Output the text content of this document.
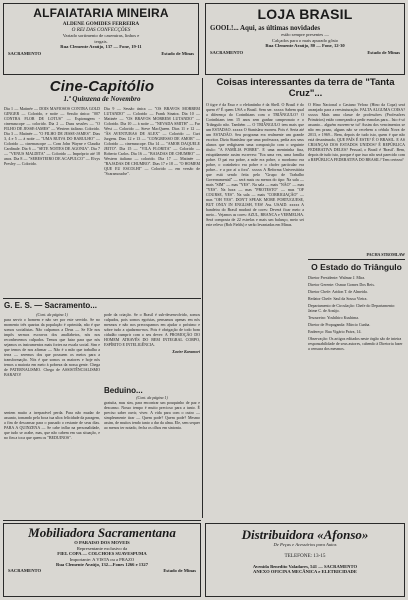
ALFAIATARIA MINEIRA
ALDENE GOMIDES FERREIRA
O REI DAS CONFECÇÕES
Variado sortimento de casemiras, linhos e
tergais.
Rua Clemente Araújo, 137 — Fone, 19-11
SACRAMENTO	Estado de Minas
LOJA BRASIL
GOOL!... Aqui, as últimas novidades
estão sempre presentes —
Calçados para o mais apurado gôsto
Rua Clemente Araújo, 80 — Fone, 12-30
SACRAMENTO	Estado de Minas
Cine-Capitólio
1.ª Quinzena de Novembro
Dia 1 — Matinée — DOIS MAFIOSOS CONTRA GOLD GINGER — Colorido, e noite — Sessão única: "007 CONTRA FLOR DE LOTUS" — Espionagem - cinemascope — colorido. Dia 2 — Duas sessões — "O FILHO DE JESSE-JAMES" — Western italiano. Colorido. Dia 3 — Matinée — "O FILHO DE JESSE-JAMES". Dias 3, 4 e 5 — à noite — "UMA RUIVA DO BARULHO" — Colorido — cinemascope — Com John Wayne e Claudia Cardinale. Dia 6 — "SETE NOITES DE AGONIA". Dia 7 — "VENUS MALDITA" — Colorido — Impróprio até 18 anos. Dia 8 — "SERESTEIRO DE ACAPULCO" — Elvys Presley — Colorido.
Dia 9 — Sessão única — "OS BRAVOS MORREM LUTANDO" — Colorido — Frank Sinatra. Dia 10 — Matinée — "OS BRAVOS MORREM LUTANDO" — Colorido. Dia 10 — à noite — "NEVADA SMITH" — Far West — Colorido — Steve MacQueen. Dias 11 e 12 — "ÀS AVENTURAS DE ALEX" — Colorido — Curt Jurgens. Dias 12 e 13 — "CONGRESSO DE AMOR" — Colorido — cinemascope. Dia 14 — "AMOR DAQUELE JEITO". Dia 15 — "VILA FLORITA" — Colorido — Roberto Carlos. Dia 16 — "BAIADAS DE CHUMBO" — Western italiano — colorido. Dia 17 — Matinée — "RAJADAS DE CHUMBO". Dias 17 e 18 — "O HOMEM QUE EU ESCOLHI" — Colorido — em versão de "Scaramouche".
G. E. S. — Sacramento...
(Cont. da página 1)
para servir o homem e não ser por este servido. Se no momento três quartas da população é oprimida, não é que somos socialistas. Não culpamos a Deus — Se Ele nos impôs sermos escravos dos analfabetos, nós nos reconhecemos culpados. Temos que lutar para que nós sejamos os instrumentos mais fortes na escala social. Sim e que temos de nos afirmar — Não é a mão que trabalha a terra — seremos dos que possuem os meios para a transformação. Nós é que somos os maiores e hoje nós temos a maioria em meio à pobreza da nossa gente. Chega de PATERNALISMO. Chega de ASSISTÊNCIALISMO BARATO!
pode da criação. Se o Brasil é sub-desenvolvido, somos culpados, pois somos egoístas, pensamos apenas em nós mesmos e não nos preocupamos em ajudar o próximo e sobre tudo a ajudarmo-nos. Pois é obrigação de todo bom cidadão cumprir com o seu dever: A PROMOÇÃO DO HOMEM ATRAVÉS DO BEM INTEGRAL CORPO, ESPÍRITO E INTELIGÊNCIA.
Xavier Karamori
Beduino...
(Cont. da página 1)
gratuita, mas sim, para encontrar um pouquinho de paz e descanso. Nosso tempo é muito precioso para a tanto. É preciso saber ouvir, viver. A vida para com o outro — simplesmente tirar — Quem pode? Quem pode? Mesmo assim, de muitos tendo tanto a dar da alma. Ele, sem sequer ao menos ter notado, fecha os olhos em sintonia.
sentem muito a irreparável perda. Para não mudar de assunto, tomando pela boca tua ultra felicidade da paragem, a fim de descansar para o passado o restante de seus dias. PARA A QUINZENA — Se cabe inflar na personalidade, que tudo se acabe, mas, que não cabem em sua situação, e no fim a toca que quem os "BEDUINOS".
Coisas interessantes da terra de "Tanta Cruz"...
O tigre é da Esso e o elefantinho é da Shell. O Brasil é do quem é? É quem USA o Brasil. Sem ser. xxxxx Sabem qual a diferença do Corinthians com o TRIÂNGULO? O Corinthians tem 15 anos sem ganhar campeonato e o Triângulo não. Também — O TRIÂNGULO tem mais que um ESTADAO. xxxxx O Stanislaw morreu. Pois é. Seria até um ESTADÃO. Seu programa era realmente um grande escritor. Dizia Stanislaw que uma professora, pedia aos seus alunos que redigissem uma composição com o seguinte título: "A FAMÍLIA POBRE". E uma menininha fina, estupidamente assim escreveu: "Era uma vez, uma família pobre. O pai era pobre, a mãe era pobre, o mordomo era pobre, o cozinheiro era pobre e o chofer particular era pobre... e a por aí a fora". xxxxx A Reforma Universitária que está sendo feita pelo "Grupo de Trabalho Governamental" — será mais ou menos do tipo: Na sala — mais "SIM" — mas "YES". Na sala — mais "NÃO" — mas "YES". Na hora — mas "PROTESTO" — mas "OF COURSE, YES". Na sala — mais "CORRIGIAÇÃO" — mas "OH YES". DON'T SPEAK MORE PORTUGUESE, BUT ONLY IN ENGLISH, YES! Ass. USAID. xxxxx A bandeira do Brasil mudará de cores: Deverá ficar meio a meio... Vejamos as cores: AZUL, BRANCA e VERMELHA. Será composta de 22 estrelas e mais um balanço, meio sei este relevo (Bob Fields) e serão levantadas em Minas.
O Hino Nacional o Castano Veloso (Hino da Copa) será arranjado para a reestruturação. FALTA ALGUMA COISA? xxxxx Mais uma classe de professôres (Professôres Primários) estão começando a pedir esmolas para... Isto é só assunto... alguém movem-se tu? Assim dos vencimentos se não em prazo, alguns não se recebem a cédula Nova de 2013, e 1969... Bem, depois de tudo isto, quem é que não está desanimado, QUE PAÍS É ESTE? É O BRASIL. E AS CRIANÇAS DOS ESTADOS UNIDOS? É REPÚBLICA FEDERATIVA DELES? Pessoal, o Brasil é 'Brasil'. Bem, depois de tudo isto, porque é que isso não será parecido com a REPÚBLICA FEDERATIVA DO BRASIL? Tem certeza?
PACHA STROMLAW
O Estado do Triângulo
Diretor Presidente: Walmar J. Mira.
Diretor Gerente: Osmar Gomes Dos Reis.
Diretor Chefe: Aridon T. de Almeida.
Redator Chefe: Saul da Sousa Vieira.
Departamento de Circulação: Chefe do Departamento: Jaime C. de Araújo.
Tesoureiro: Yoshihiro Kushima.
Diretor de Propaganda: Márcio Cunha.
Endereço: Rua Vigário Paiva, 14.
Observação: Os artigos editados neste órgão são de inteira responsabilidade de seus autores, cabendo à Diretoria fazer a censura dos mesmos.
Mobiliadora Sacramentana
O PARAISO DOS MOVEIS
Representante exclusivo da
FIEL COPA — COLCHOES SUAVESPUMA
Importante: A VISTA ou a PRAZO
Rua Clemente Araújo, 132—Fones 1266 e 1327
SACRAMENTO	Estado de Minas
Distribuidora «Afonso»
De Peças e Acessórios para Autos
TELEFONE: 13-15
Avenida Benedito Valadares, 541 — SACRAMENTO
ANEXO OFICINA MECÂNICA e ELETRICIDADE
